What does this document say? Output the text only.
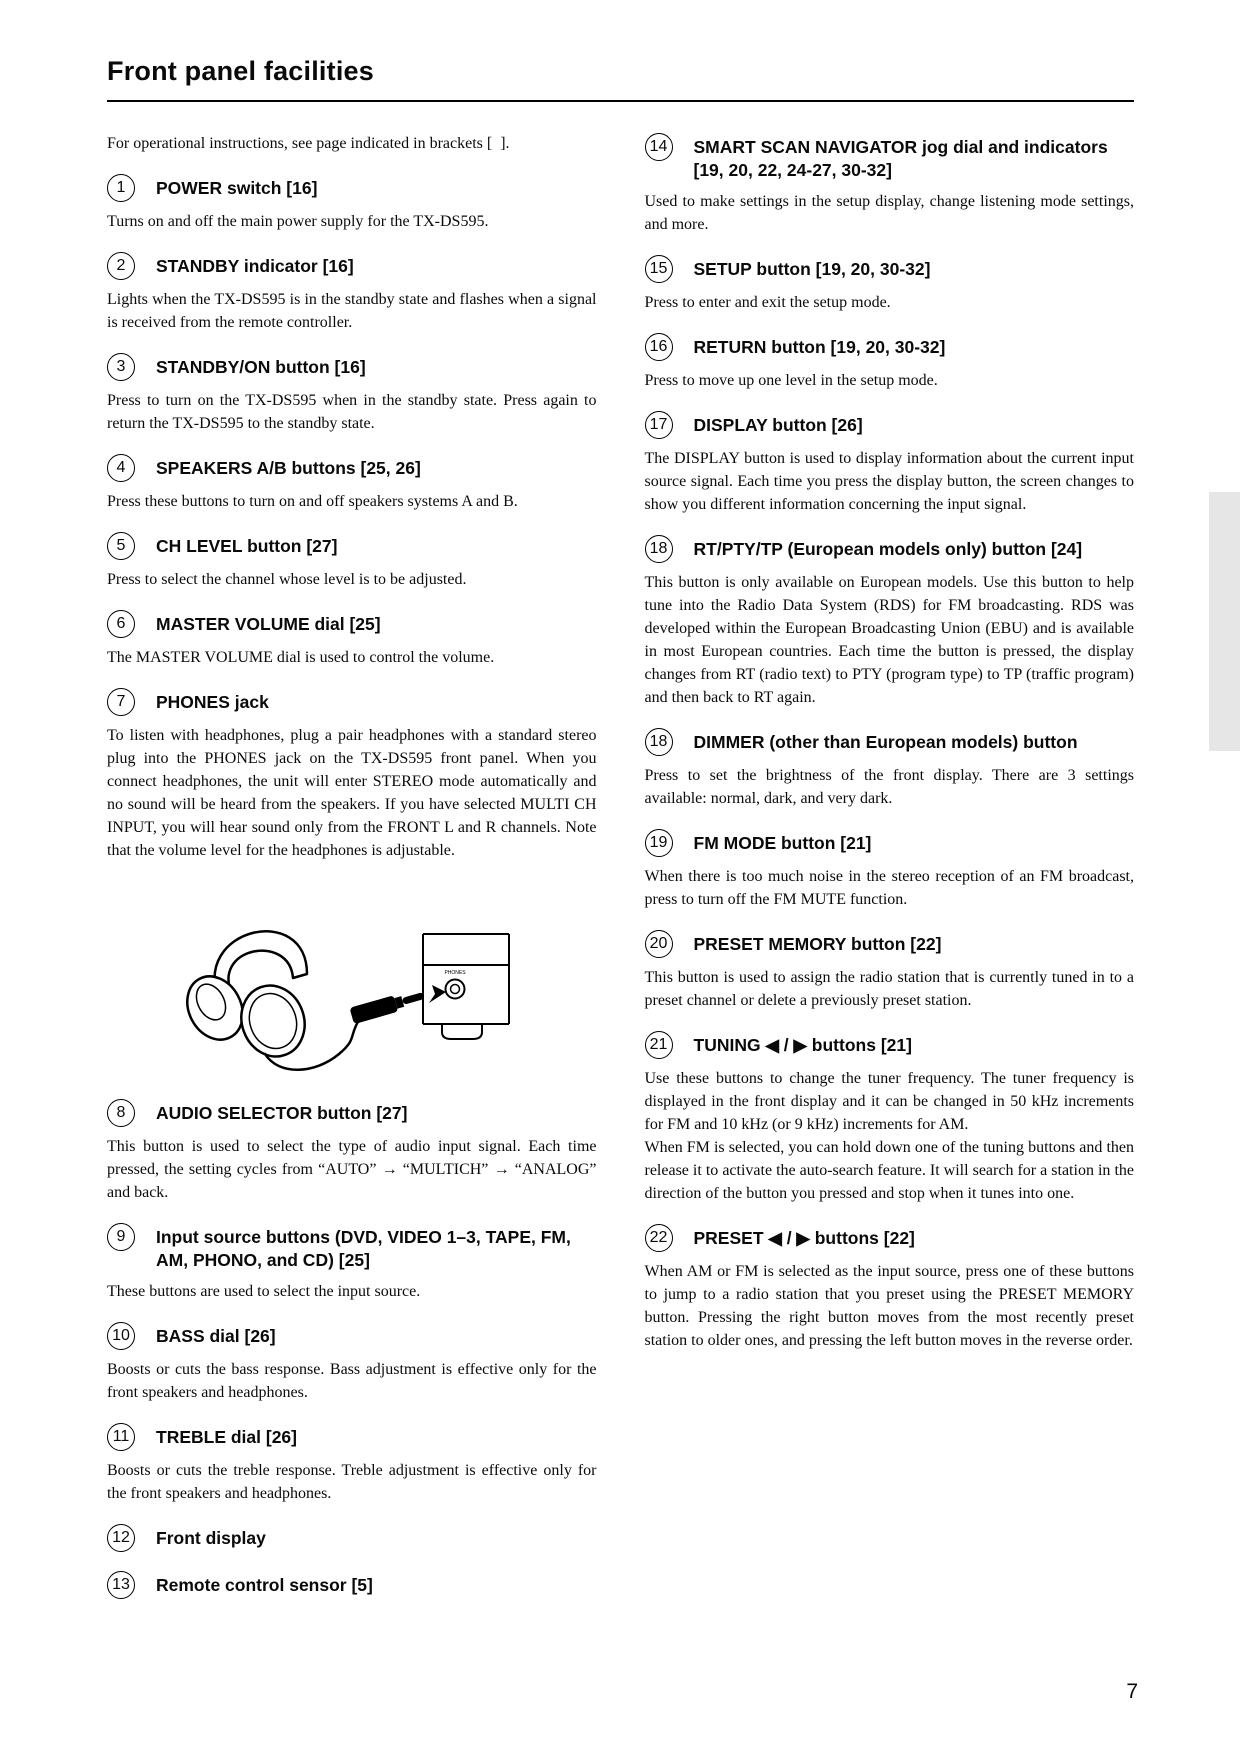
Front panel facilities

For operational instructions, see page indicated in brackets [  ].

1	POWER switch [16]

Turns on and off the main power supply for the TX-DS595.

2	STANDBY indicator [16]

Lights when the TX-DS595 is in the standby state and flashes when a signal is received from the remote controller.

3	STANDBY/ON button [16]

Press to turn on the TX-DS595 when in the standby state. Press again to return the TX-DS595 to the standby state.

4	SPEAKERS A/B buttons [25, 26]

Press these buttons to turn on and off speakers systems A and B.

5	CH LEVEL button [27]

Press to select the channel whose level is to be adjusted.

6	MASTER VOLUME dial [25]

The MASTER VOLUME dial is used to control the volume.

7	PHONES jack

To listen with headphones, plug a pair headphones with a standard stereo plug into the PHONES jack on the TX-DS595 front panel. When you connect headphones, the unit will enter STEREO mode automatically and no sound will be heard from the speakers. If you have selected MULTI CH INPUT, you will hear sound only from the FRONT L and R channels. Note that the volume level for the headphones is adjustable.

PHONES
8	AUDIO SELECTOR button [27]

This button is used to select the type of audio input signal. Each time pressed, the setting cycles from “AUTO” → “MULTICH” → “ANALOG” and back.

9	Input source buttons (DVD, VIDEO 1–3, TAPE, FM,
AM, PHONO, and CD) [25]

These buttons are used to select the input source.

10 BASS dial [26]

Boosts or cuts the bass response. Bass adjustment is effective only for the front speakers and headphones.

11	TREBLE dial [26]

Boosts or cuts the treble response. Treble adjustment is effective only for the front speakers and headphones.

12 Front display
13 Remote control sensor [5]
14 SMART SCAN NAVIGATOR jog dial and indicators
[19, 20, 22, 24-27, 30-32]

Used to make settings in the setup display, change listening mode settings, and more.

15 SETUP button [19, 20, 30-32]

Press to enter and exit the setup mode.

16 RETURN button [19, 20, 30-32]

Press to move up one level in the setup mode.

17 DISPLAY button [26]

The DISPLAY button is used to display information about the current input source signal. Each time you press the display button, the screen changes to show you different information concerning the input signal.

18 RT/PTY/TP (European models only) button [24]

This button is only available on European models. Use this button to help tune into the Radio Data System (RDS) for FM broadcasting. RDS was developed within the European Broadcasting Union (EBU) and is available in most European countries. Each time the button is pressed, the display changes from RT (radio text) to PTY (program type) to TP (traffic program) and then back to RT again.

18 DIMMER (other than European models) button

Press to set the brightness of the front display. There are 3 settings available: normal, dark, and very dark.

19 FM MODE button [21]

When there is too much noise in the stereo reception of an FM broadcast, press to turn off the FM MUTE function.

20 PRESET MEMORY button [22]

This button is used to assign the radio station that is currently tuned in to a preset channel or delete a previously preset station.

21 TUNING ◀ / ▶ buttons [21]

Use these buttons to change the tuner frequency. The tuner frequency is displayed in the front display and it can be changed in 50 kHz increments for FM and 10 kHz (or 9 kHz) increments for AM.

When FM is selected, you can hold down one of the tuning buttons and then release it to activate the auto-search feature. It will search for a station in the direction of the button you pressed and stop when it tunes into one.

22 PRESET ◀ / ▶ buttons [22]

When AM or FM is selected as the input source, press one of these buttons to jump to a radio station that you preset using the PRESET MEMORY button. Pressing the right button moves from the most recently preset station to older ones, and pressing the left button moves in the reverse order.

7
